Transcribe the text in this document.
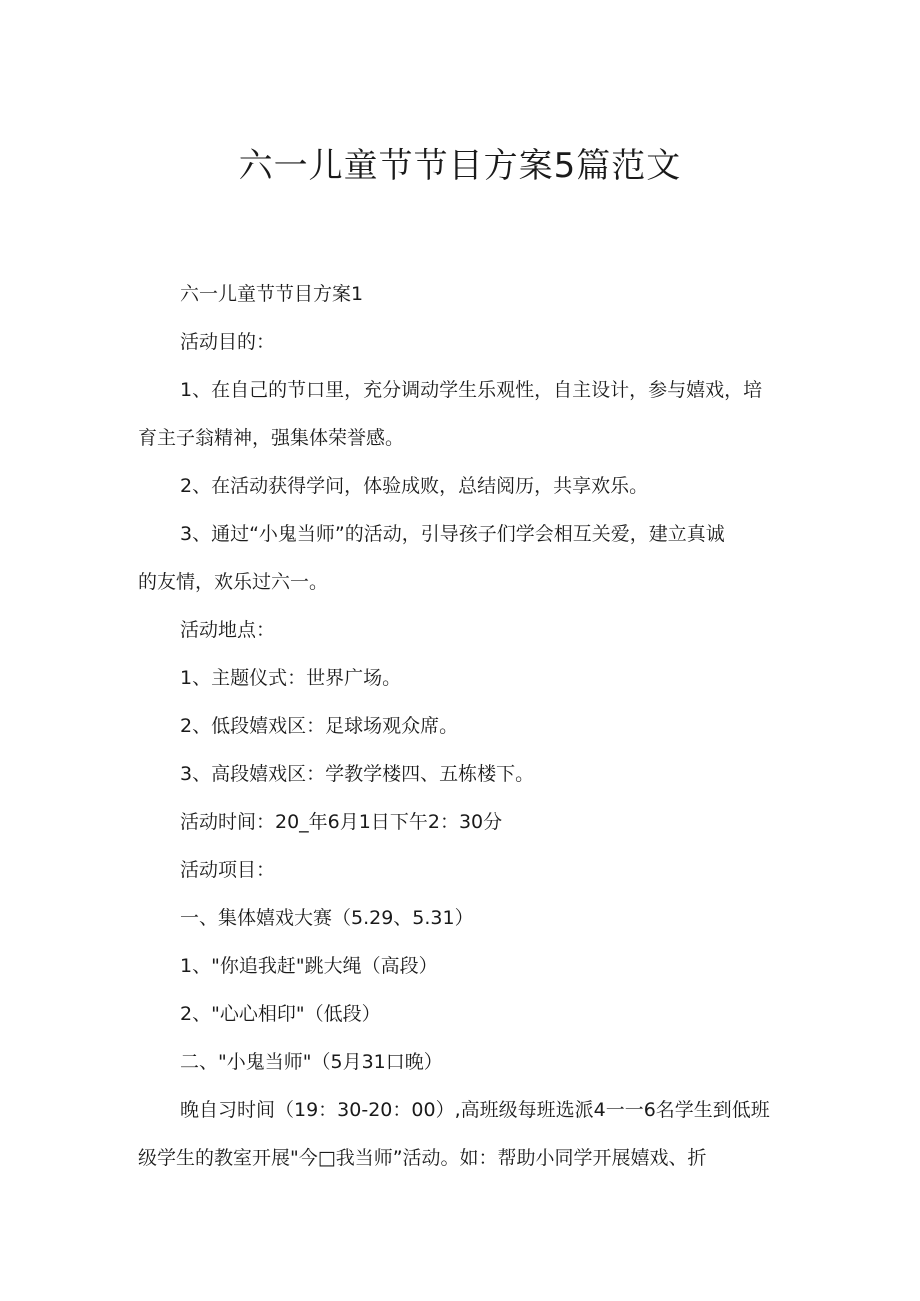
六一儿童节节目方案5篇范文

六一儿童节节目方案1

活动目的：

1、在自己的节口里，充分调动学生乐观性，自主设计，参与嬉戏，培

育主子翁精神，强集体荣誉感。

2、在活动获得学问，体验成败，总结阅历，共享欢乐。

3、通过“小鬼当师”的活动，引导孩子们学会相互关爱，建立真诚

的友情，欢乐过六一。

活动地点：

1、主题仪式：世界广场。

2、低段嬉戏区：足球场观众席。

3、高段嬉戏区：学教学楼四、五栋楼下。

活动时间：20_年6月1日下午2：30分

活动项目：

一、集体嬉戏大赛（5.29、5.31）

1、"你追我赶"跳大绳（高段）

2、"心心相印"（低段）

二、"小鬼当师"（5月31口晚）

晚自习时间（19：30-20：00）,高班级每班选派4一一6名学生到低班

级学生的教室开展"今□我当师”活动。如：帮助小同学开展嬉戏、折
